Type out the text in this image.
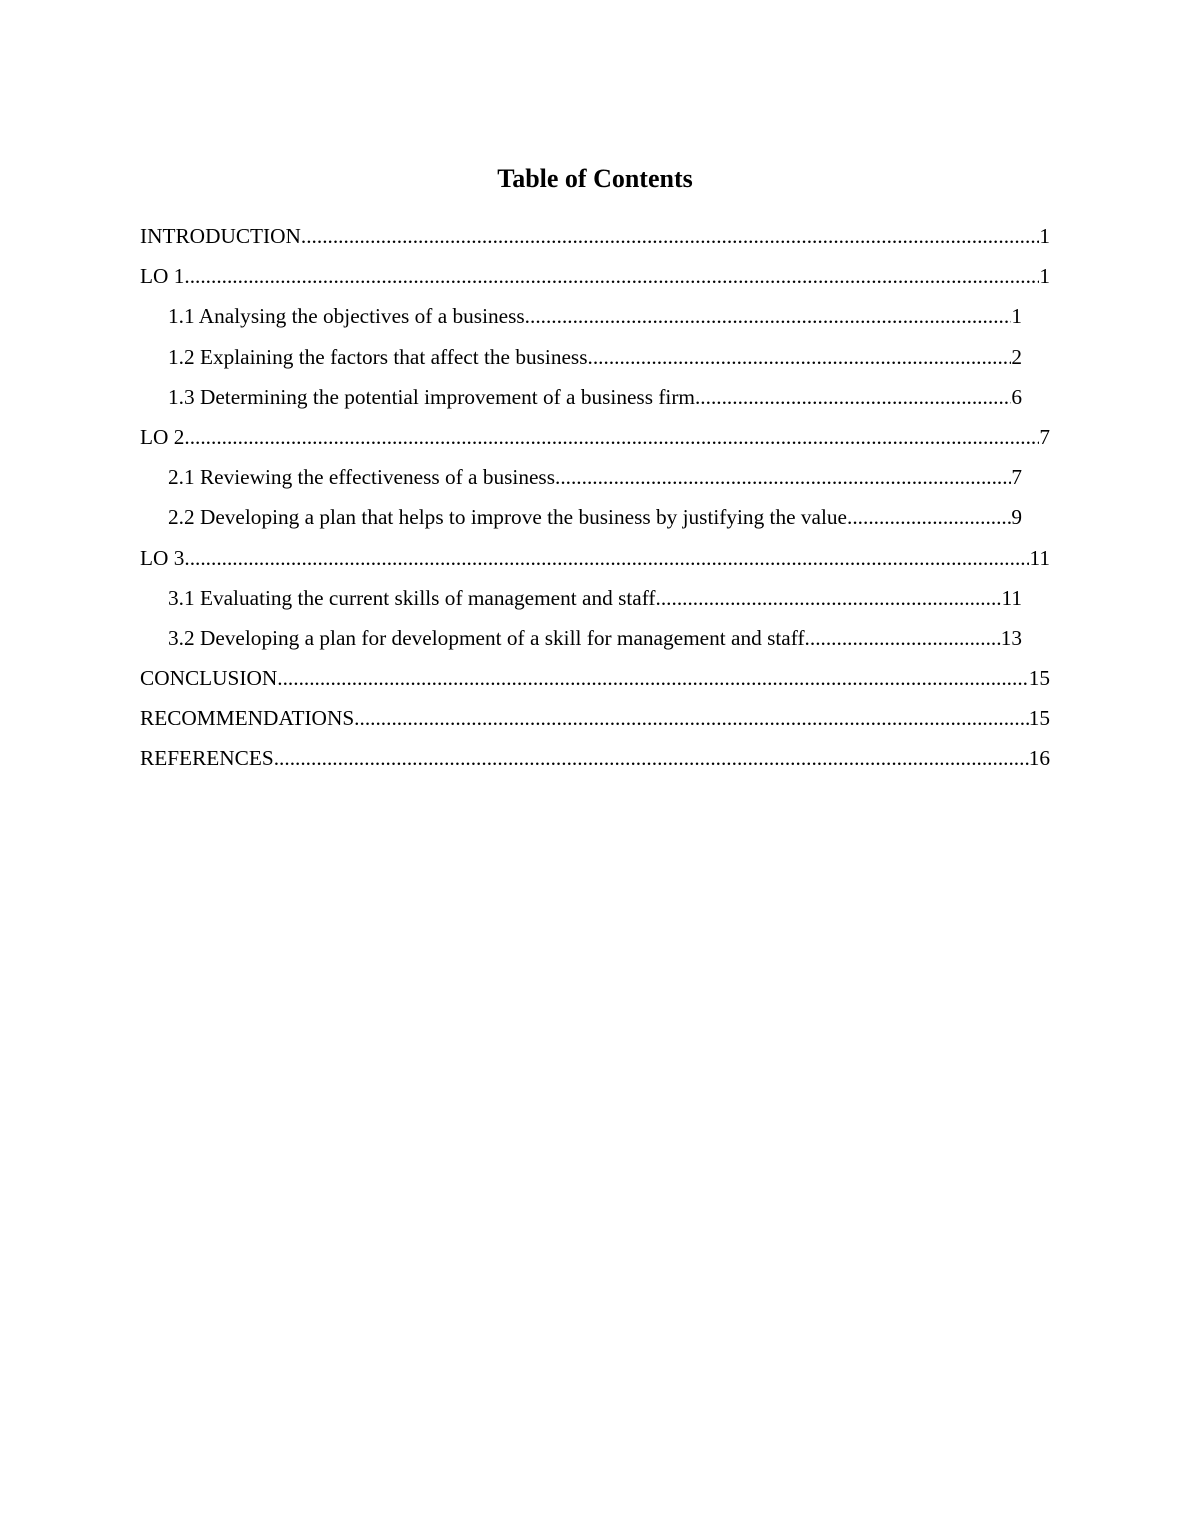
Table of Contents
INTRODUCTION .....	1
LO 1 .....	1
1.1 Analysing the objectives of a business .....	1
1.2 Explaining the factors that affect the business .....	2
1.3 Determining the potential improvement of a business firm .....	6
LO 2 .....	7
2.1 Reviewing the effectiveness of a business .....	7
2.2 Developing a plan that helps to improve the business by justifying the value .....	9
LO 3 .....	11
3.1 Evaluating the current skills of management and staff .....	11
3.2 Developing a plan for development of a skill for management and staff .....	13
CONCLUSION .....	15
RECOMMENDATIONS .....	15
REFERENCES .....	16
